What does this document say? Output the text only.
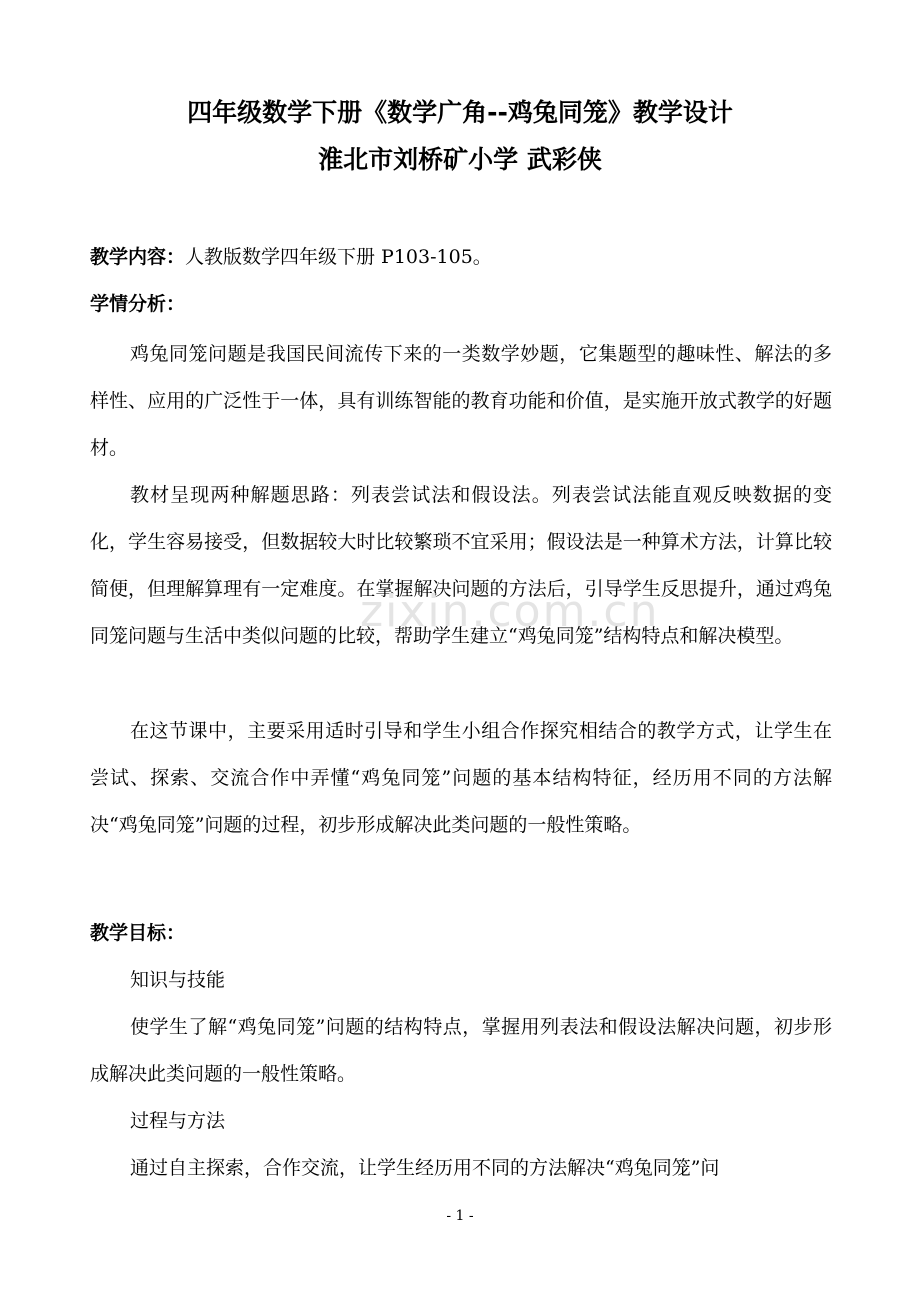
四年级数学下册《数学广角--鸡兔同笼》教学设计
淮北市刘桥矿小学 武彩侠
教学内容：人教版数学四年级下册 P103-105。
学情分析：

鸡兔同笼问题是我国民间流传下来的一类数学妙题，它集题型的趣味性、解法的多样性、应用的广泛性于一体，具有训练智能的教育功能和价值，是实施开放式教学的好题材。

教材呈现两种解题思路：列表尝试法和假设法。列表尝试法能直观反映数据的变化，学生容易接受，但数据较大时比较繁琐不宜采用；假设法是一种算术方法，计算比较简便，但理解算理有一定难度。在掌握解决问题的方法后，引导学生反思提升，通过鸡兔同笼问题与生活中类似问题的比较，帮助学生建立“鸡兔同笼”结构特点和解决模型。

在这节课中，主要采用适时引导和学生小组合作探究相结合的教学方式，让学生在尝试、探索、交流合作中弄懂“鸡兔同笼”问题的基本结构特征，经历用不同的方法解决“鸡兔同笼”问题的过程，初步形成解决此类问题的一般性策略。

教学目标：
知识与技能

使学生了解“鸡兔同笼”问题的结构特点，掌握用列表法和假设法解决问题，初步形成解决此类问题的一般性策略。

过程与方法

通过自主探索，合作交流，让学生经历用不同的方法解决“鸡兔同笼”问

zixin.com.cn
- 1 -
